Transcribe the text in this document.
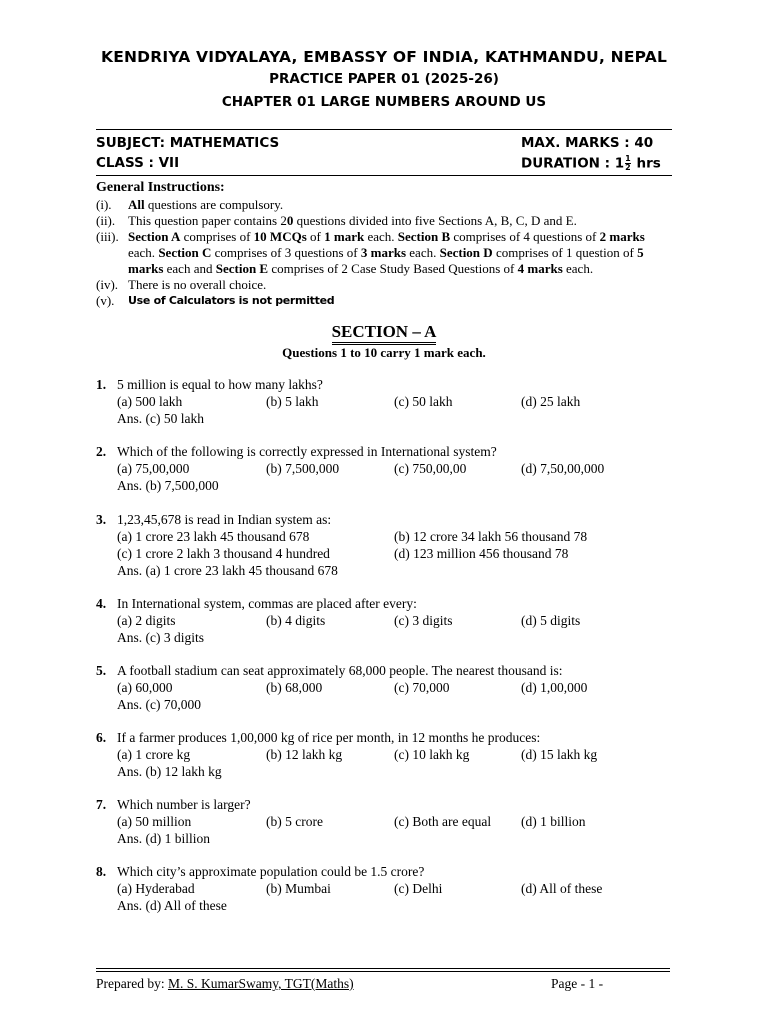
KENDRIYA VIDYALAYA, EMBASSY OF INDIA, KATHMANDU, NEPAL
PRACTICE PAPER 01 (2025-26)
CHAPTER 01 LARGE NUMBERS AROUND US
SUBJECT: MATHEMATICS
CLASS : VII
MAX. MARKS : 40
DURATION : $1 \frac{1}{2}$ hrs
General Instructions:
(i).	All questions are compulsory.
(ii). This question paper contains 20 questions divided into five Sections A, B, C, D and E.
(iii). Section A comprises of 10 MCQs of 1 mark each. Section B comprises of 4 questions of 2 marks
each. Section C comprises of 3 questions of 3 marks each. Section D comprises of 1 question of 5
marks each and Section E comprises of 2 Case Study Based Questions of 4 marks each.
(iv). There is no overall choice.
(v).	Use of Calculators is not permitted
SECTION – A
Questions 1 to 10 carry 1 mark each.
1. 5 million is equal to how many lakhs?
(a) 500 lakh	(b) 5 lakh	(c) 50 lakh	(d) 25 lakh
Ans. (c) 50 lakh
2. Which of the following is correctly expressed in International system?
(a) 75,00,000	(b) 7,500,000	(c) 750,00,00	(d) 7,50,00,000
Ans. (b) 7,500,000
3. 1,23,45,678 is read in Indian system as:
(a) 1 crore 23 lakh 45 thousand 678	(b) 12 crore 34 lakh 56 thousand 78
(c) 1 crore 2 lakh 3 thousand 4 hundred	(d) 123 million 456 thousand 78
Ans. (a) 1 crore 23 lakh 45 thousand 678
4. In International system, commas are placed after every:
(a) 2 digits	(b) 4 digits	(c) 3 digits	(d) 5 digits
Ans. (c) 3 digits
5. A football stadium can seat approximately 68,000 people. The nearest thousand is:
(a) 60,000	(b) 68,000	(c) 70,000	(d) 1,00,000
Ans. (c) 70,000
6. If a farmer produces 1,00,000 kg of rice per month, in 12 months he produces:
(a) 1 crore kg	(b) 12 lakh kg	(c) 10 lakh kg	(d) 15 lakh kg
Ans. (b) 12 lakh kg
7. Which number is larger?
(a) 50 million	(b) 5 crore	(c) Both are equal (d) 1 billion
Ans. (d) 1 billion
8. Which city’s approximate population could be 1.5 crore?
(a) Hyderabad	(b) Mumbai	(c) Delhi	(d) All of these
Ans. (d) All of these
Prepared by: M. S. KumarSwamy, TGT(Maths)	Page - 1 -
